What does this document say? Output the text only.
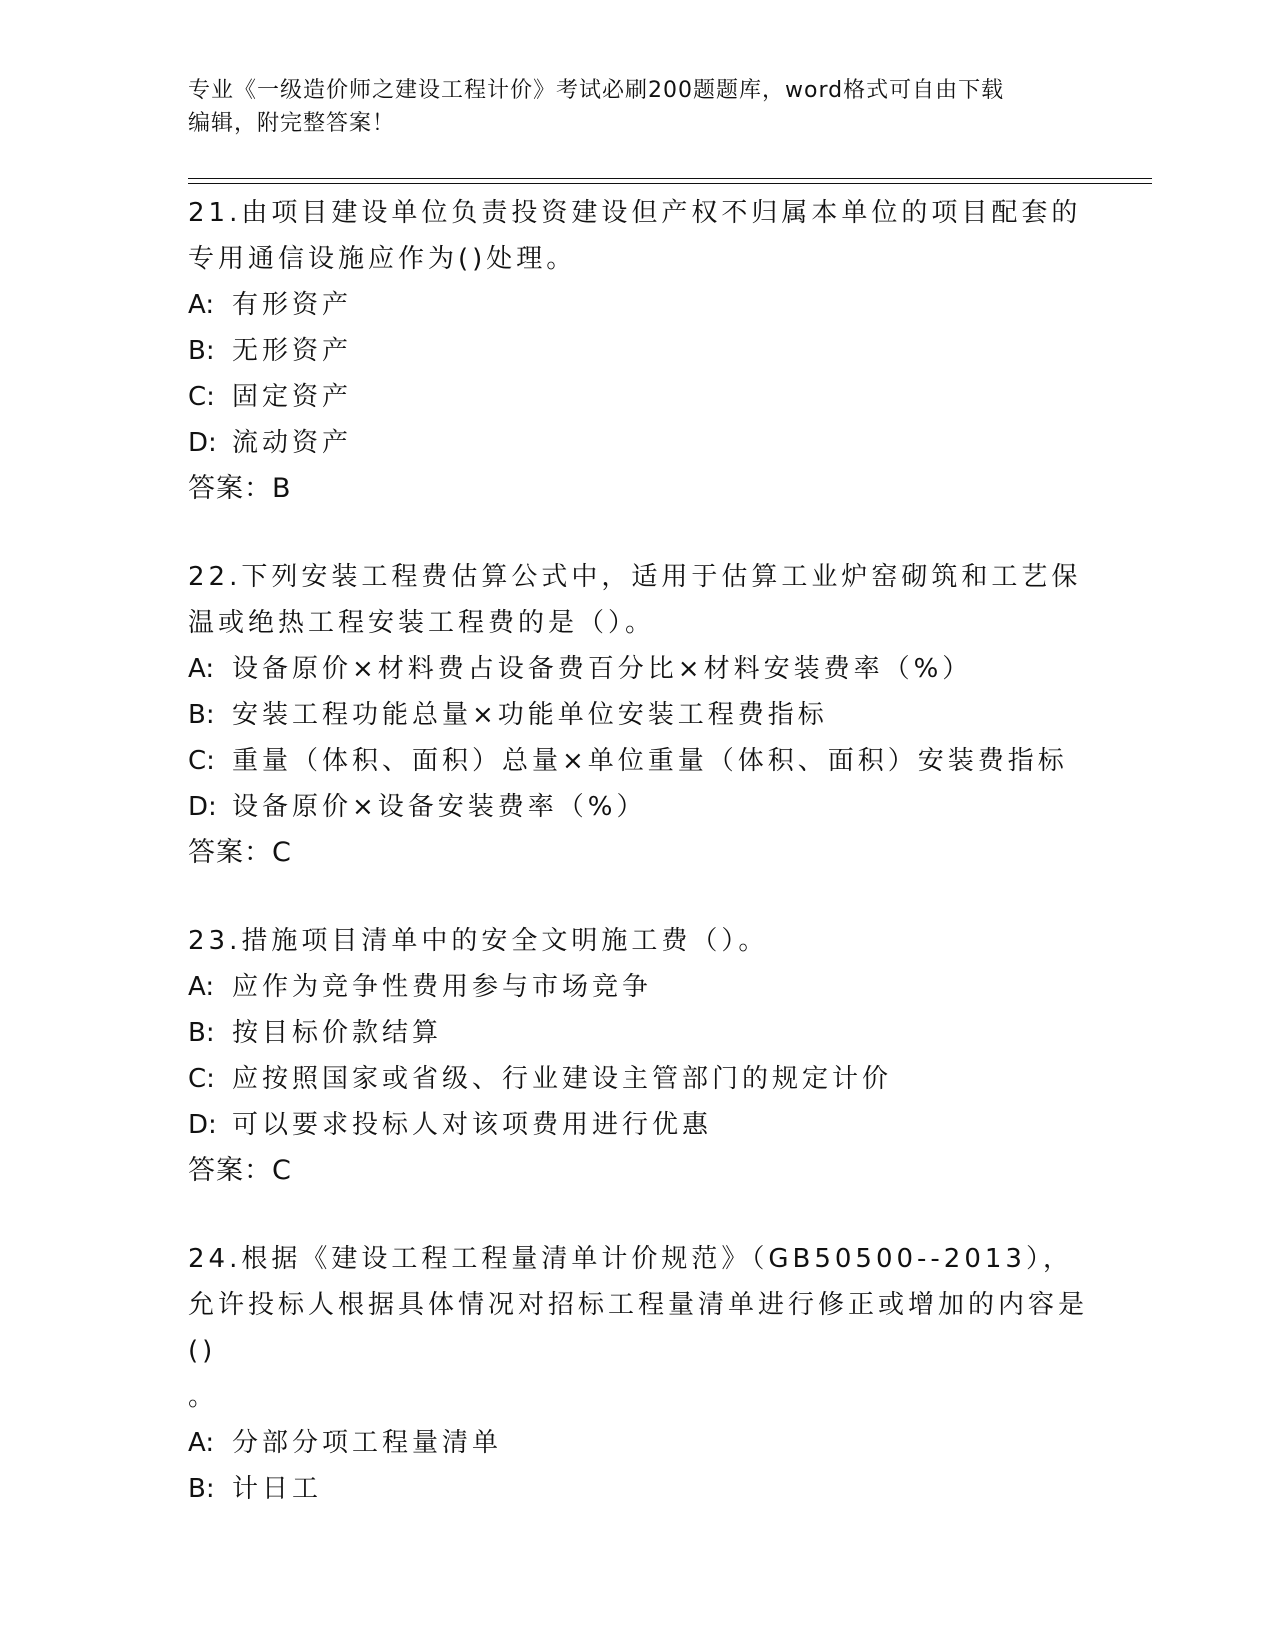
专业《一级造价师之建设工程计价》考试必刷200题题库，word格式可自由下载
编辑，附完整答案！
21.由项目建设单位负责投资建设但产权不归属本单位的项目配套的专用通信设施应作为()处理。
A: 有形资产
B: 无形资产
C: 固定资产
D: 流动资产
答案：B
22.下列安装工程费估算公式中，适用于估算工业炉窑砌筑和工艺保温或绝热工程安装工程费的是（）。
A: 设备原价×材料费占设备费百分比×材料安装费率（%）
B: 安装工程功能总量×功能单位安装工程费指标
C: 重量（体积、面积）总量×单位重量（体积、面积）安装费指标
D: 设备原价×设备安装费率（%）
答案：C
23.措施项目清单中的安全文明施工费（）。
A: 应作为竞争性费用参与市场竞争
B: 按目标价款结算
C: 应按照国家或省级、行业建设主管部门的规定计价
D: 可以要求投标人对该项费用进行优惠
答案：C
24.根据《建设工程工程量清单计价规范》（GB50500--2013），允许投标人根据具体情况对招标工程量清单进行修正或增加的内容是()
。
A: 分部分项工程量清单
B: 计日工
